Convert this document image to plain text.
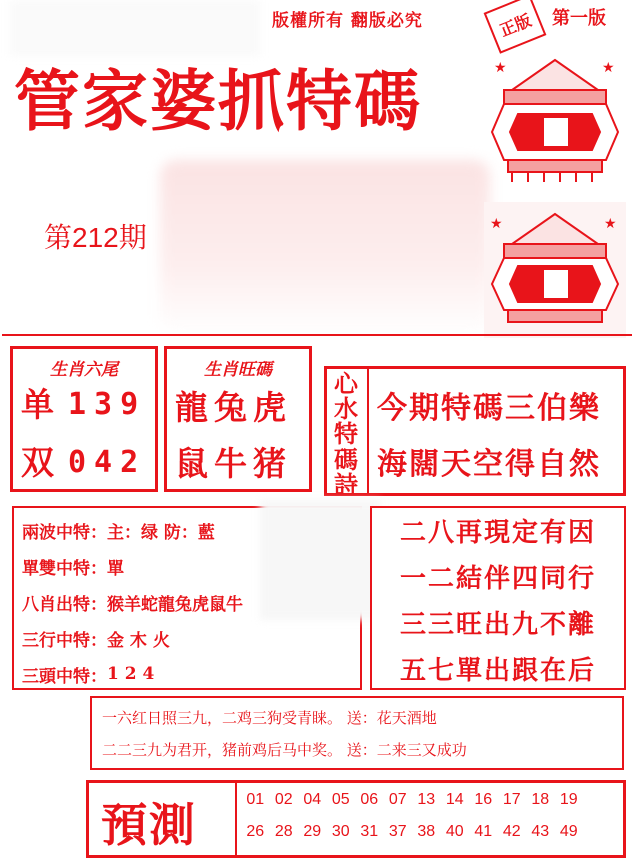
版權所有 翻版必究	正版 第一版
管家婆抓特碼
第212期
★	★
★	★
生肖六尾
单 139
双 042
生肖旺碼
龍兔虎
鼠牛猪
心水特碼詩
今期特碼三伯樂
海闊天空得自然
兩波中特： 主：绿 防：藍
單雙中特： 單
八肖出特： 猴羊蛇龍兔虎鼠牛
三行中特： 金 木 火
三頭中特： 1 2 4
二八再現定有因
一二結伴四同行
三三旺出九不離
五七單出跟在后
一六红日照三九，二鸡三狗受青睐。 送：花天酒地
二二三九为君开，猪前鸡后马中奖。 送：二来三又成功
預測	01 02 04 05 06 07 13 14 16 17 18 19
26 28 29 30 31 37 38 40 41 42 43 49
